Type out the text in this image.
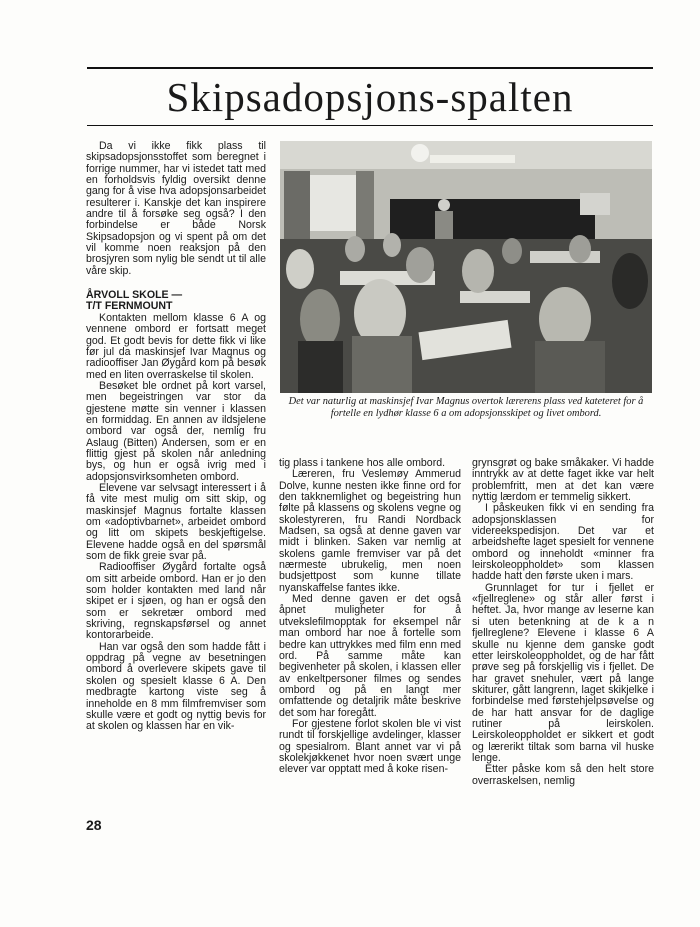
Skipsadopsjons-spalten

Da vi ikke fikk plass til skipsadopsjonsstoffet som beregnet i forrige nummer, har vi istedet tatt med en forholdsvis fyldig oversikt denne gang for å vise hva adopsjonsarbeidet resulterer i. Kanskje det kan inspirere andre til å forsøke seg også? I den forbindelse er både Norsk Skipsadopsjon og vi spent på om det vil komme noen reaksjon på den brosjyren som nylig ble sendt ut til alle våre skip.

ÅRVOLL SKOLE —
T/T FERNMOUNT

Kontakten mellom klasse 6 A og vennene ombord er fortsatt meget god. Et godt bevis for dette fikk vi like før jul da maskinsjef Ivar Magnus og radiooffiser Jan Øygård kom på besøk med en liten overraskelse til skolen.

Besøket ble ordnet på kort varsel, men begeistringen var stor da gjestene møtte sin venner i klassen en formiddag. En annen av ildsjelene ombord var også der, nemlig fru Aslaug (Bitten) Andersen, som er en flittig gjest på skolen når anledning bys, og hun er også ivrig med i adopsjonsvirksomheten ombord.

Elevene var selvsagt interessert i å få vite mest mulig om sitt skip, og maskinsjef Magnus fortalte klassen om «adoptivbarnet», arbeidet ombord og litt om skipets beskjeftigelse. Elevene hadde også en del spørsmål som de fikk greie svar på.

Radiooffiser Øygård fortalte også om sitt arbeide ombord. Han er jo den som holder kontakten med land når skipet er i sjøen, og han er også den som er sekretær ombord med skriving, regnskapsførsel og annet kontorarbeide.

Han var også den som hadde fått i oppdrag på vegne av besetningen ombord å overlevere skipets gave til skolen og spesielt klasse 6 A. Den medbragte kartong viste seg å inneholde en 8 mm filmfremviser som skulle være et godt og nyttig bevis for at skolen og klassen har en vik-

Det var naturlig at maskinsjef Ivar Magnus overtok lærerens plass ved kateteret for å fortelle en lydhør klasse 6 a om adopsjonsskipet og livet ombord.

tig plass i tankene hos alle ombord.

Læreren, fru Veslemøy Ammerud Dolve, kunne nesten ikke finne ord for den takknemlighet og begeistring hun følte på klassens og skolens vegne og skolestyreren, fru Randi Nordback Madsen, sa også at denne gaven var midt i blinken. Saken var nemlig at skolens gamle fremviser var på det nærmeste ubrukelig, men noen budsjettpost som kunne tillate nyanskaffelse fantes ikke.

Med denne gaven er det også åpnet muligheter for å utvekslefilmopptak for eksempel når man ombord har noe å fortelle som bedre kan uttrykkes med film enn med ord. På samme måte kan begivenheter på skolen, i klassen eller av enkeltpersoner filmes og sendes ombord og på en langt mer omfattende og detaljrik måte beskrive det som har foregått.

For gjestene forlot skolen ble vi vist rundt til forskjellige avdelinger, klasser og spesialrom. Blant annet var vi på skolekjøkkenet hvor noen svært unge elever var opptatt med å koke risen-

grynsgrøt og bake småkaker. Vi hadde inntrykk av at dette faget ikke var helt problemfritt, men at det kan være nyttig lærdom er temmelig sikkert.

I påskeuken fikk vi en sending fra adopsjonsklassen for videreekspedisjon. Det var et arbeidshefte laget spesielt for vennene ombord og inneholdt «minner fra leirskoleoppholdet» som klassen hadde hatt den første uken i mars.

Grunnlaget for tur i fjellet er «fjellreglene» og står aller først i heftet. Ja, hvor mange av leserne kan si uten betenkning at de k a n fjellreglene? Elevene i klasse 6 A skulle nu kjenne dem ganske godt etter leirskoleoppholdet, og de har fått prøve seg på forskjellig vis i fjellet. De har gravet snehuler, vært på lange skiturer, gått langrenn, laget skikjelke i forbindelse med førstehjelpsøvelse og de har hatt ansvar for de daglige rutiner på leirskolen. Leirskoleoppholdet er sikkert et godt og lærerikt tiltak som barna vil huske lenge.

Etter påske kom så den helt store overraskelsen, nemlig

28
